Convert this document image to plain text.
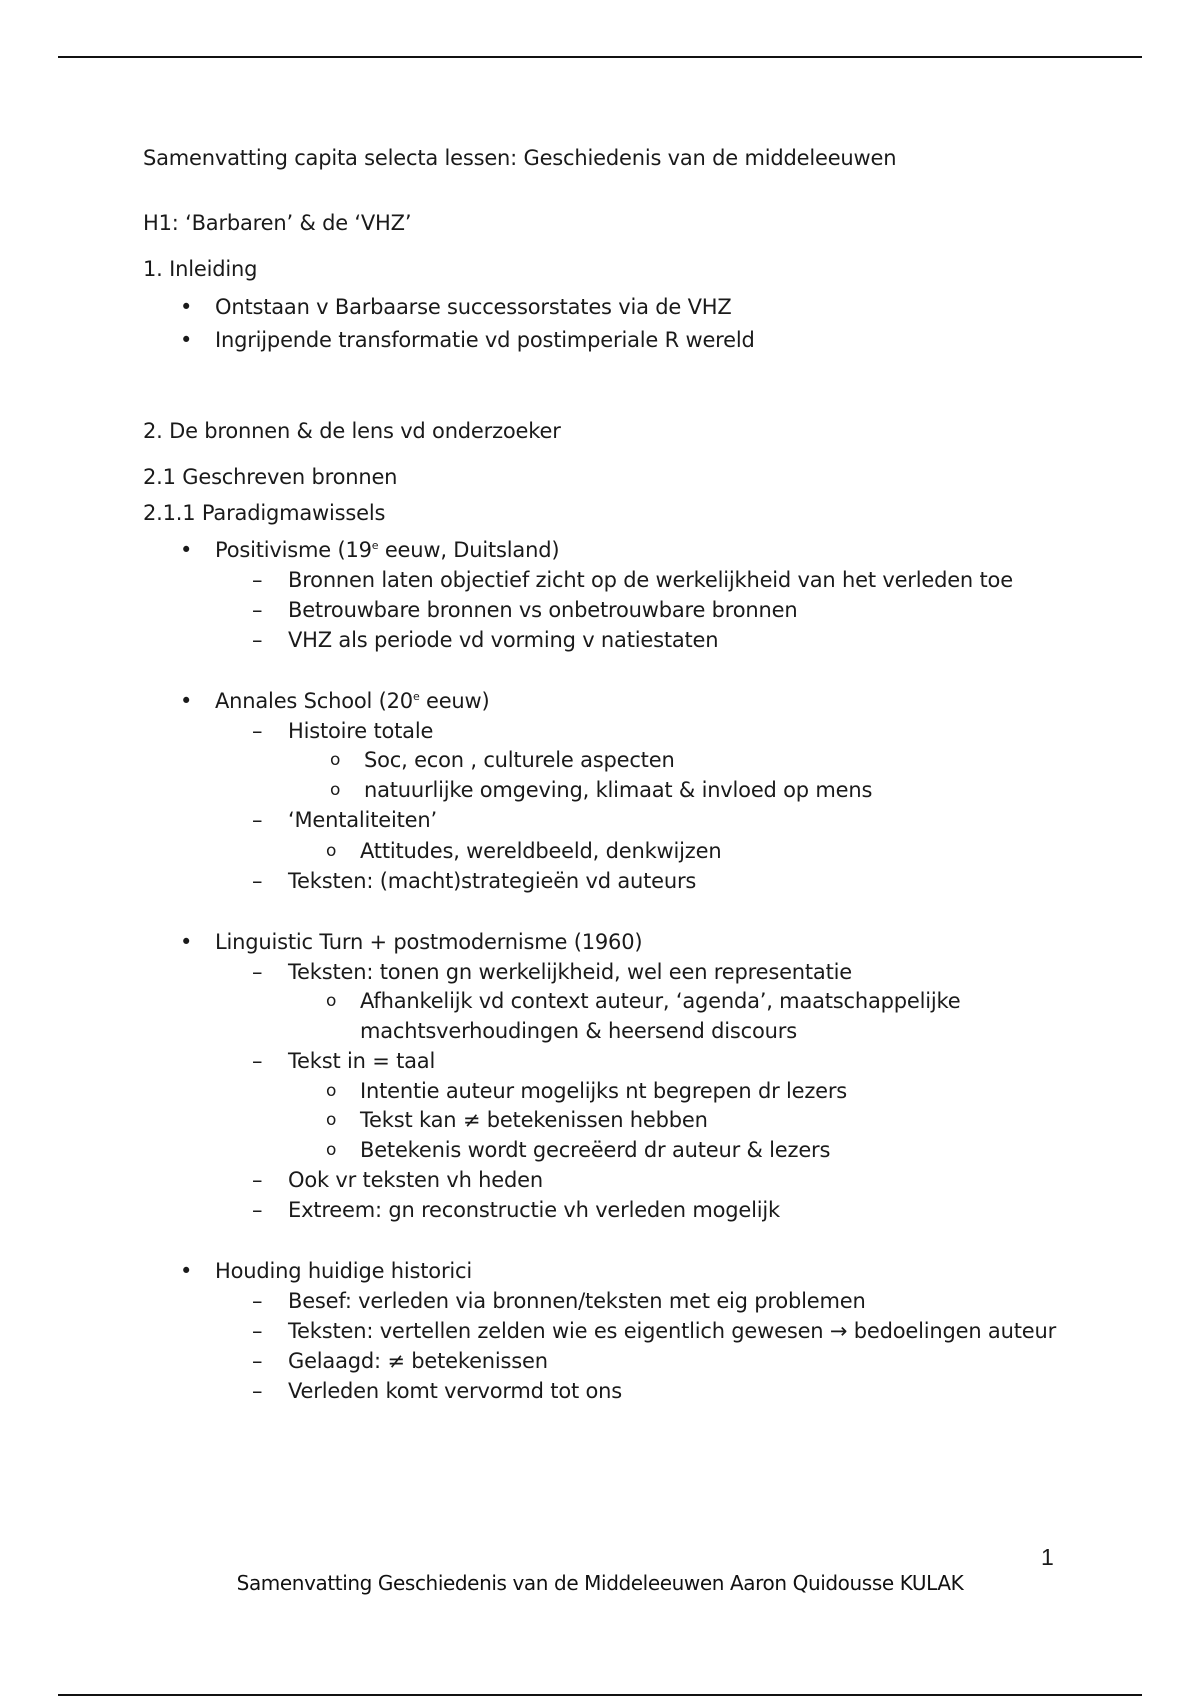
Samenvatting capita selecta lessen: Geschiedenis van de middeleeuwen
H1: ‘Barbaren’ & de ‘VHZ’
1. Inleiding
• Ontstaan v Barbaarse successorstates via de VHZ
• Ingrijpende transformatie vd postimperiale R wereld
2. De bronnen & de lens vd onderzoeker
2.1 Geschreven bronnen
2.1.1 Paradigmawissels
• Positivisme (19e eeuw, Duitsland)
– Bronnen laten objectief zicht op de werkelijkheid van het verleden toe
– Betrouwbare bronnen vs onbetrouwbare bronnen
– VHZ als periode vd vorming v natiestaten
• Annales School (20e eeuw)
– Histoire totale
o Soc, econ , culturele aspecten
o natuurlijke omgeving, klimaat & invloed op mens
– ‘Mentaliteiten’
o Attitudes, wereldbeeld, denkwijzen
– Teksten: (macht)strategieën vd auteurs
• Linguistic Turn + postmodernisme (1960)
– Teksten: tonen gn werkelijkheid, wel een representatie
o Afhankelijk vd context auteur, ‘agenda’, maatschappelijke
machtsverhoudingen & heersend discours
– Tekst in = taal
o Intentie auteur mogelijks nt begrepen dr lezers
o Tekst kan ≠ betekenissen hebben
o Betekenis wordt gecreëerd dr auteur & lezers
– Ook vr teksten vh heden
– Extreem: gn reconstructie vh verleden mogelijk
• Houding huidige historici
– Besef: verleden via bronnen/teksten met eig problemen
– Teksten: vertellen zelden wie es eigentlich gewesen → bedoelingen auteur
– Gelaagd: ≠ betekenissen
– Verleden komt vervormd tot ons
1
Samenvatting Geschiedenis van de Middeleeuwen Aaron Quidousse KULAK
